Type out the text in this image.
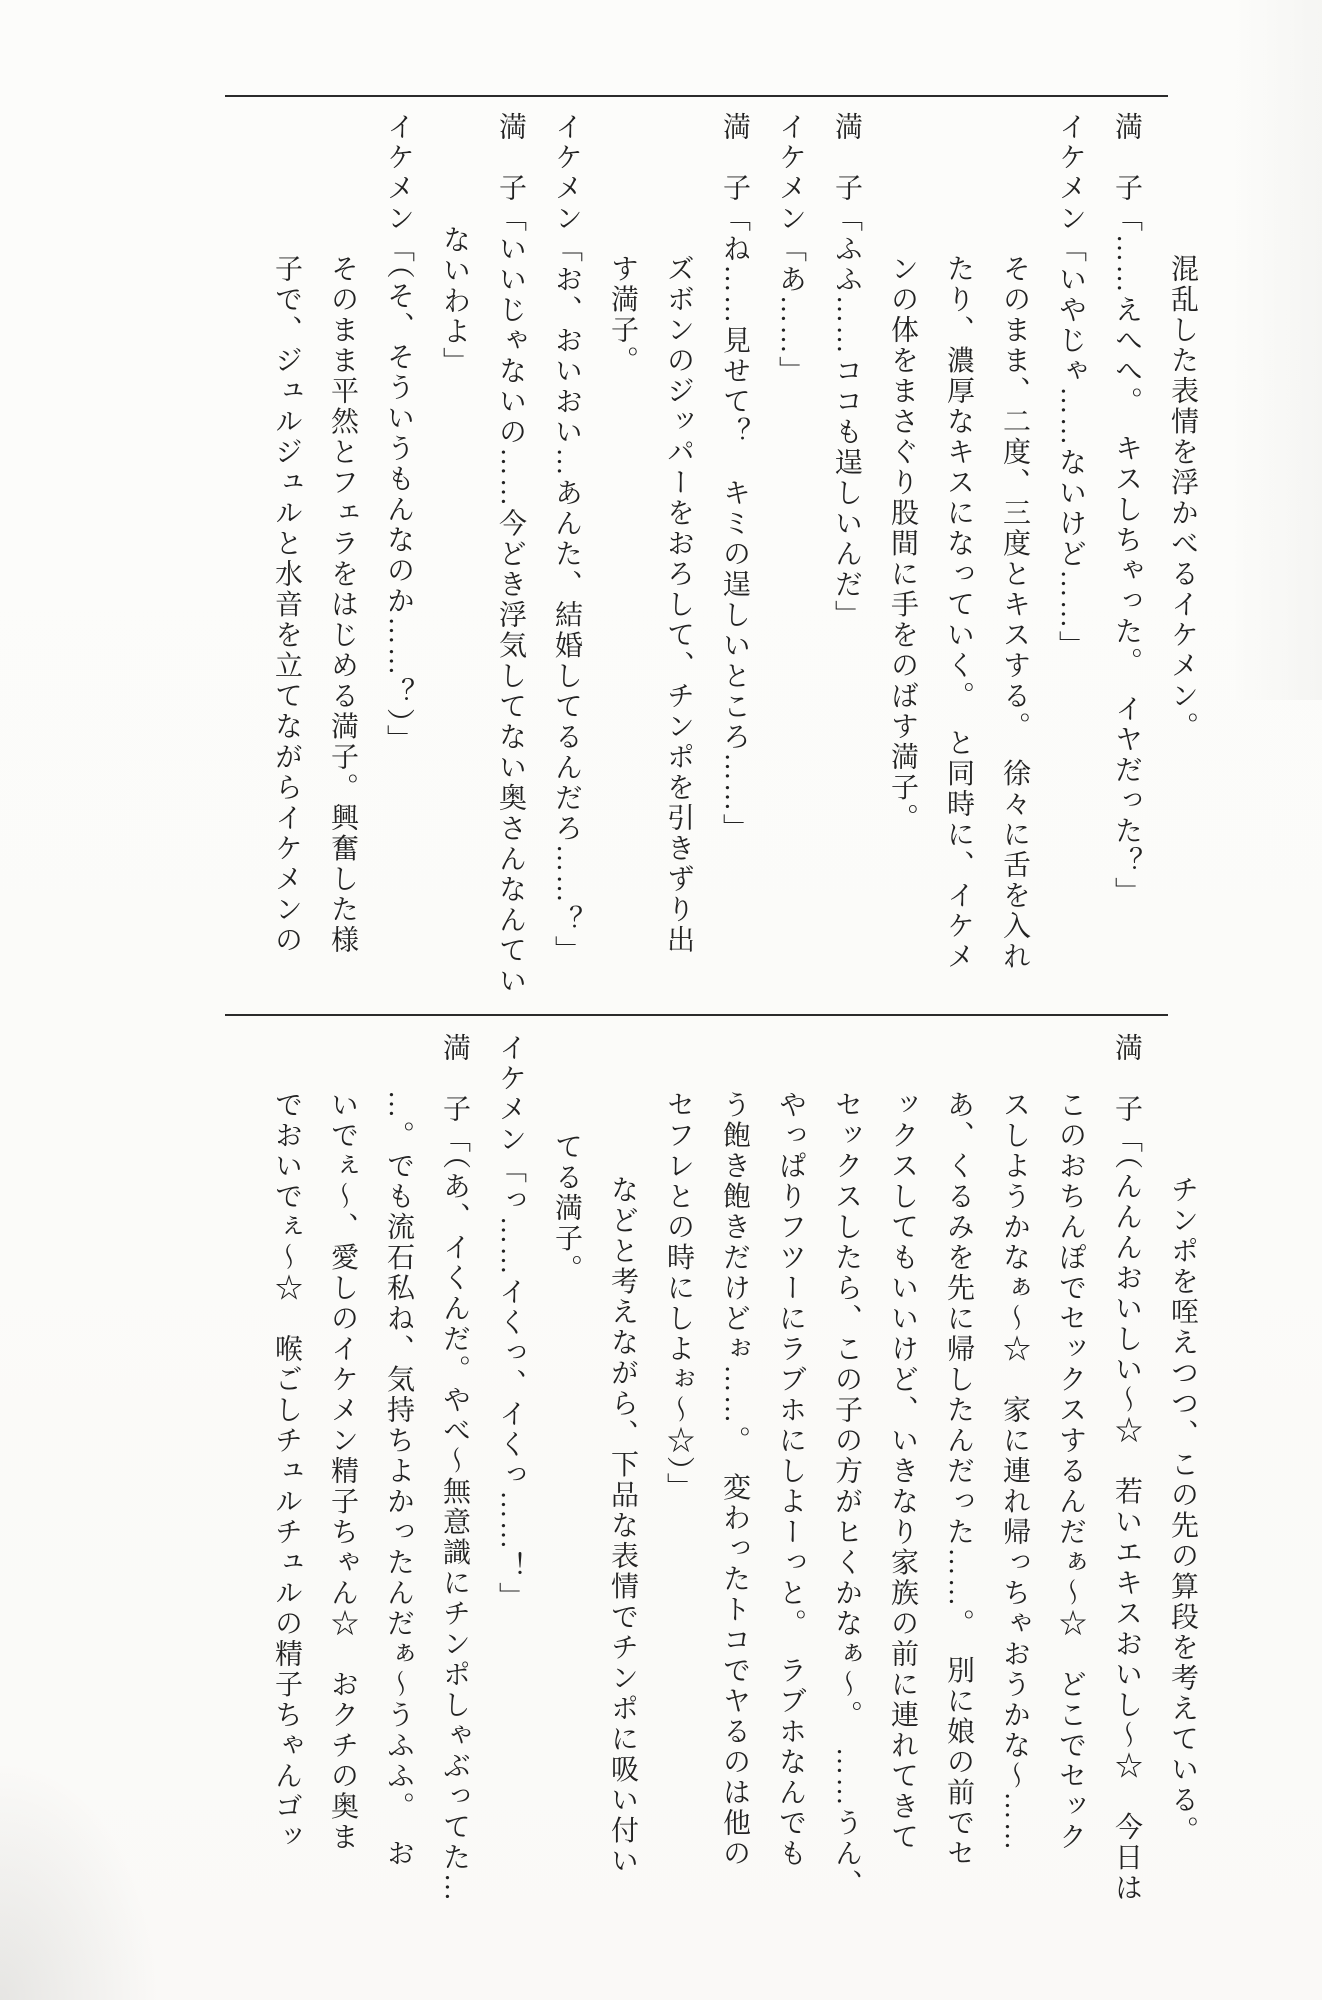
混乱した表情を浮かべるイケメン。
満　子「……えへへ。　キスしちゃった。　イヤだった？」
イケメン「いやじゃ……ないけど……」
そのまま、二度、三度とキスする。　徐々に舌を入れ
たり、濃厚なキスになっていく。　と同時に、イケメ
ンの体をまさぐり股間に手をのばす満子。
満　子「ふふ……ココも逞しいんだ」
イケメン「あ……」
満　子「ね……見せて？　キミの逞しいところ……」
ズボンのジッパーをおろして、チンポを引きずり出
す満子。
イケメン「お、おいおい…あんた、結婚してるんだろ……？」
満　子「いいじゃないの……今どき浮気してない奥さんなんてい
ないわよ」
イケメン「（そ、そういうもんなのか……？）」
そのまま平然とフェラをはじめる満子。興奮した様
子で、ジュルジュルと水音を立てながらイケメンの
チンポを咥えつつ、この先の算段を考えている。
満　子「（んんんおいしい～☆　若いエキスおいし～☆　今日は
このおちんぽでセックスするんだぁ～☆　どこでセック
スしようかなぁ～☆　家に連れ帰っちゃおうかな～……
あ、くるみを先に帰したんだった……。　別に娘の前でセ
ックスしてもいいけど、いきなり家族の前に連れてきて
セックスしたら、この子の方がヒくかなぁ～。　……うん、
やっぱりフツーにラブホにしよーっと。　ラブホなんでも
う飽き飽きだけどぉ……。　変わったトコでヤるのは他の
セフレとの時にしよぉ～☆）」
などと考えながら、下品な表情でチンポに吸い付い
てる満子。
イケメン「っ……イくっ、イくっ……！」
満　子「（あ、イくんだ。やべ～無意識にチンポしゃぶってた…
…。でも流石私ね、気持ちよかったんだぁ～うふふ。　お
いでぇ～、愛しのイケメン精子ちゃん☆　おクチの奥ま
でおいでぇ～☆　喉ごしチュルチュルの精子ちゃんゴッ
